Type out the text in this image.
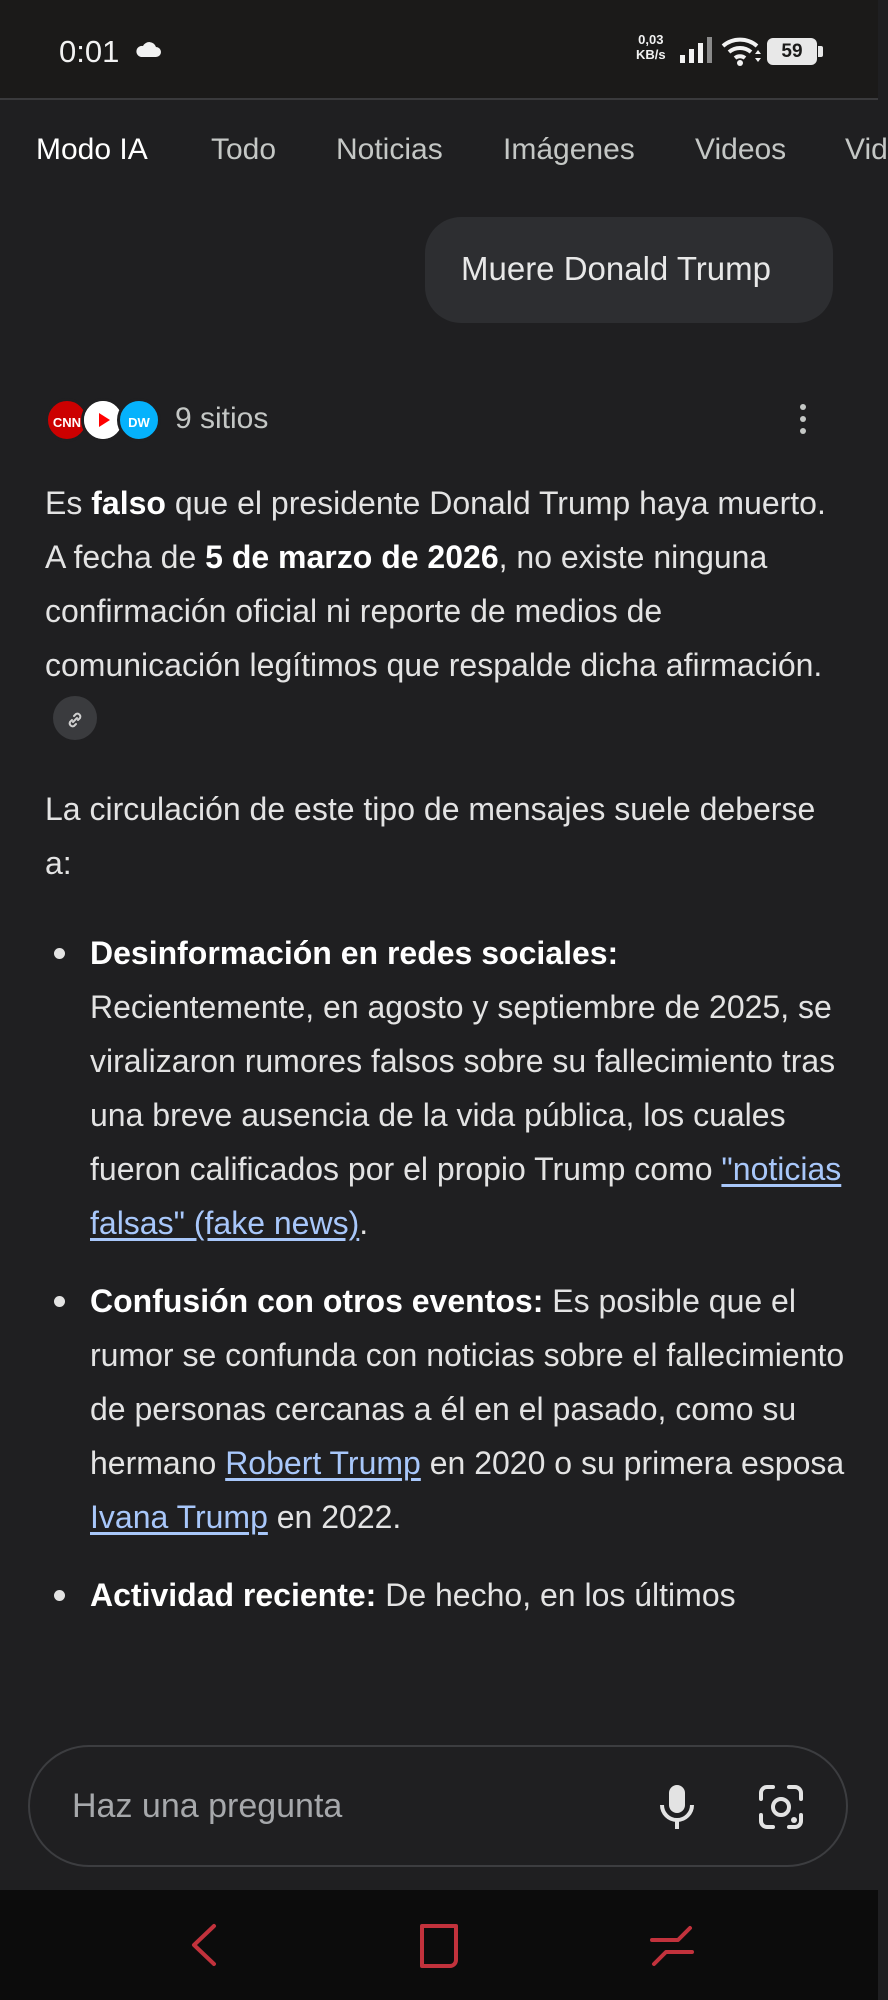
0:01	0,03
KB/s	59
Modo IA Todo Noticias Imágenes Videos Vid
Muere Donald Trump
CNN	DW 9 sitios

Es falso que el presidente Donald Trump haya muerto. A fecha de 5 de marzo de 2026, no existe ninguna confirmación oficial ni reporte de medios de comunicación legítimos que respalde dicha afirmación.

La circulación de este tipo de mensajes suele deberse a:

Desinformación en redes sociales: Recientemente, en agosto y septiembre de 2025, se viralizaron rumores falsos sobre su fallecimiento tras una breve ausencia de la vida pública, los cuales fueron calificados por el propio Trump como "noticias falsas" (fake news).
Confusión con otros eventos: Es posible que el rumor se confunda con noticias sobre el fallecimiento de personas cercanas a él en el pasado, como su hermano Robert Trump en 2020 o su primera esposa Ivana Trump en 2022.
Actividad reciente: De hecho, en los últimos
Haz una pregunta
